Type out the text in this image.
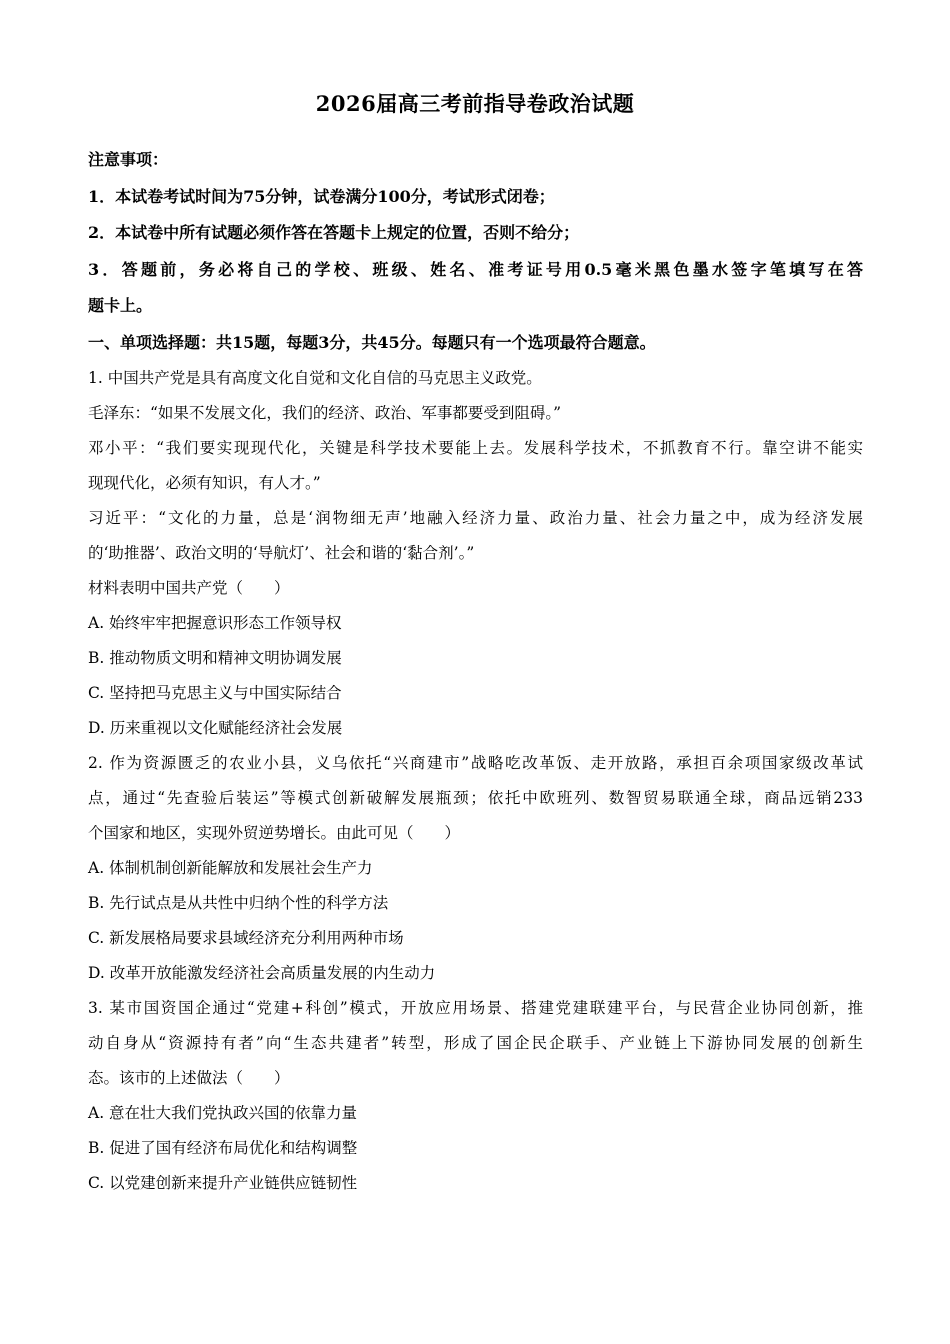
2026届高三考前指导卷政治试题
注意事项：
1．本试卷考试时间为75分钟，试卷满分100分，考试形式闭卷；
2．本试卷中所有试题必须作答在答题卡上规定的位置，否则不给分；
3．答题前，务必将自己的学校、班级、姓名、准考证号用0.5毫米黑色墨水签字笔填写在答
题卡上。
一、单项选择题：共15题，每题3分，共45分。每题只有一个选项最符合题意。
1. 中国共产党是具有高度文化自觉和文化自信的马克思主义政党。
毛泽东：“如果不发展文化，我们的经济、政治、军事都要受到阻碍。”
邓小平：“我们要实现现代化，关键是科学技术要能上去。发展科学技术，不抓教育不行。靠空讲不能实
现现代化，必须有知识，有人才。”
习近平：“文化的力量，总是‘润物细无声’地融入经济力量、政治力量、社会力量之中，成为经济发展
的‘助推器’、政治文明的‘导航灯’、社会和谐的‘黏合剂’。”
材料表明中国共产党（　　）
A. 始终牢牢把握意识形态工作领导权
B. 推动物质文明和精神文明协调发展
C. 坚持把马克思主义与中国实际结合
D. 历来重视以文化赋能经济社会发展
2. 作为资源匮乏的农业小县，义乌依托“兴商建市”战略吃改革饭、走开放路，承担百余项国家级改革试
点，通过“先查验后装运”等模式创新破解发展瓶颈；依托中欧班列、数智贸易联通全球，商品远销233
个国家和地区，实现外贸逆势增长。由此可见（　　）
A. 体制机制创新能解放和发展社会生产力
B. 先行试点是从共性中归纳个性的科学方法
C. 新发展格局要求县域经济充分利用两种市场
D. 改革开放能激发经济社会高质量发展的内生动力
3. 某市国资国企通过“党建+科创”模式，开放应用场景、搭建党建联建平台，与民营企业协同创新，推
动自身从“资源持有者”向“生态共建者”转型，形成了国企民企联手、产业链上下游协同发展的创新生
态。该市的上述做法（　　）
A. 意在壮大我们党执政兴国的依靠力量
B. 促进了国有经济布局优化和结构调整
C. 以党建创新来提升产业链供应链韧性
